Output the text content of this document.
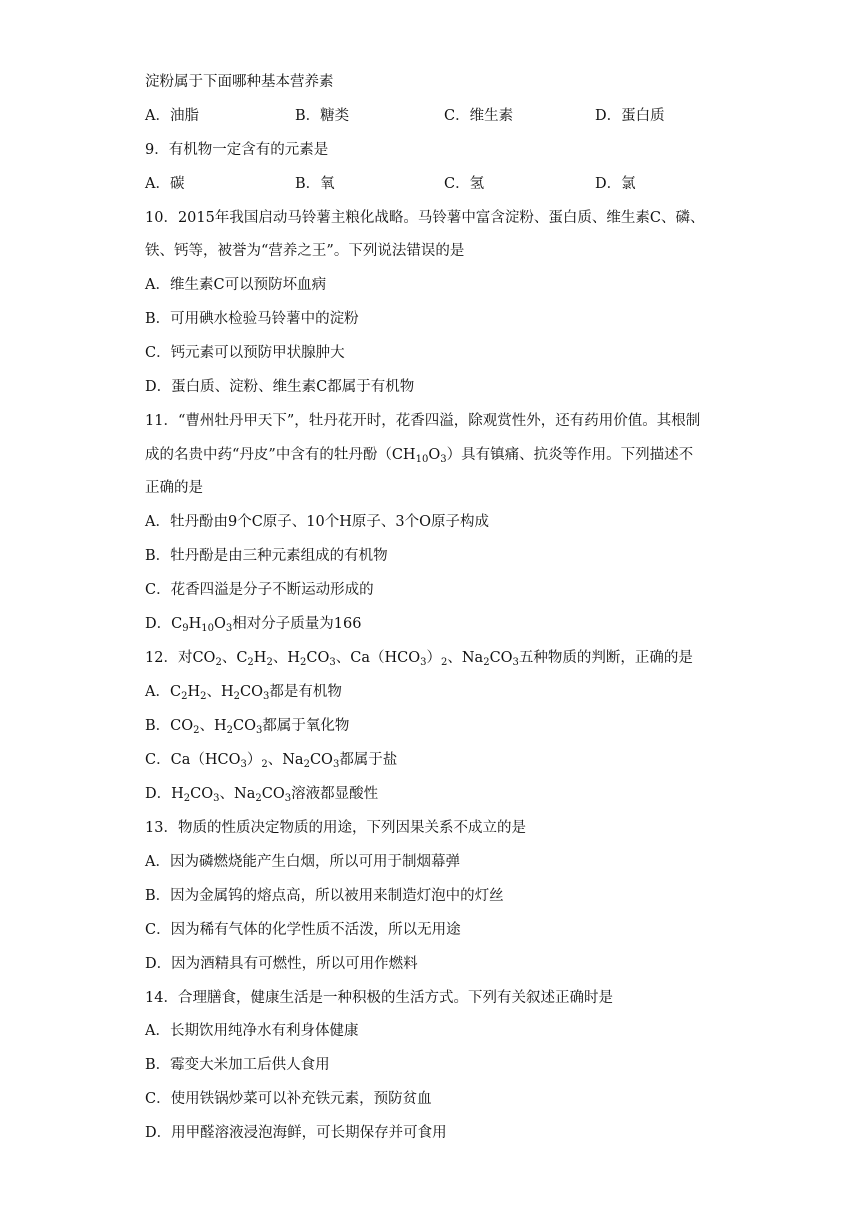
淀粉属于下面哪种基本营养素
A．油脂	B．糖类	C．维生素	D．蛋白质
9．有机物一定含有的元素是
A．碳	B．氧	C．氢	D．氯
10．2015年我国启动马铃薯主粮化战略。马铃薯中富含淀粉、蛋白质、维生素C、磷、
铁、钙等，被誉为“营养之王”。下列说法错误的是
A．维生素C可以预防坏血病
B．可用碘水检验马铃薯中的淀粉
C．钙元素可以预防甲状腺肿大
D．蛋白质、淀粉、维生素C都属于有机物
11．“曹州牡丹甲天下”，牡丹花开时，花香四溢，除观赏性外，还有药用价值。其根制
成的名贵中药“丹皮”中含有的牡丹酚$(CH_{10}O_3)$具有镇痛、抗炎等作用。下列描述不
正确的是
A．牡丹酚由9个C原子、10个H原子、3个O原子构成
B．牡丹酚是由三种元素组成的有机物
C．花香四溢是分子不断运动形成的
D．$C_9H_{10}O_3$相对分子质量为166
12．对$CO_2$、$C_2H_2$、$H_2CO_3$、$Ca(HCO_3)_2$、$Na_2CO_3$五种物质的判断，正确的是
A．$C_2H_2$、$H_2CO_3$都是有机物
B．$CO_2$、$H_2CO_3$都属于氧化物
C．$Ca(HCO_3)_2$、$Na_2CO_3$都属于盐
D．$H_2CO_3$、$Na_2CO_3$溶液都显酸性
13．物质的性质决定物质的用途，下列因果关系不成立的是
A．因为磷燃烧能产生白烟，所以可用于制烟幕弹
B．因为金属钨的熔点高，所以被用来制造灯泡中的灯丝
C．因为稀有气体的化学性质不活泼，所以无用途
D．因为酒精具有可燃性，所以可用作燃料
14．合理膳食，健康生活是一种积极的生活方式。下列有关叙述正确时是
A．长期饮用纯净水有利身体健康
B．霉变大米加工后供人食用
C．使用铁锅炒菜可以补充铁元素，预防贫血
D．用甲醛溶液浸泡海鲜，可长期保存并可食用
